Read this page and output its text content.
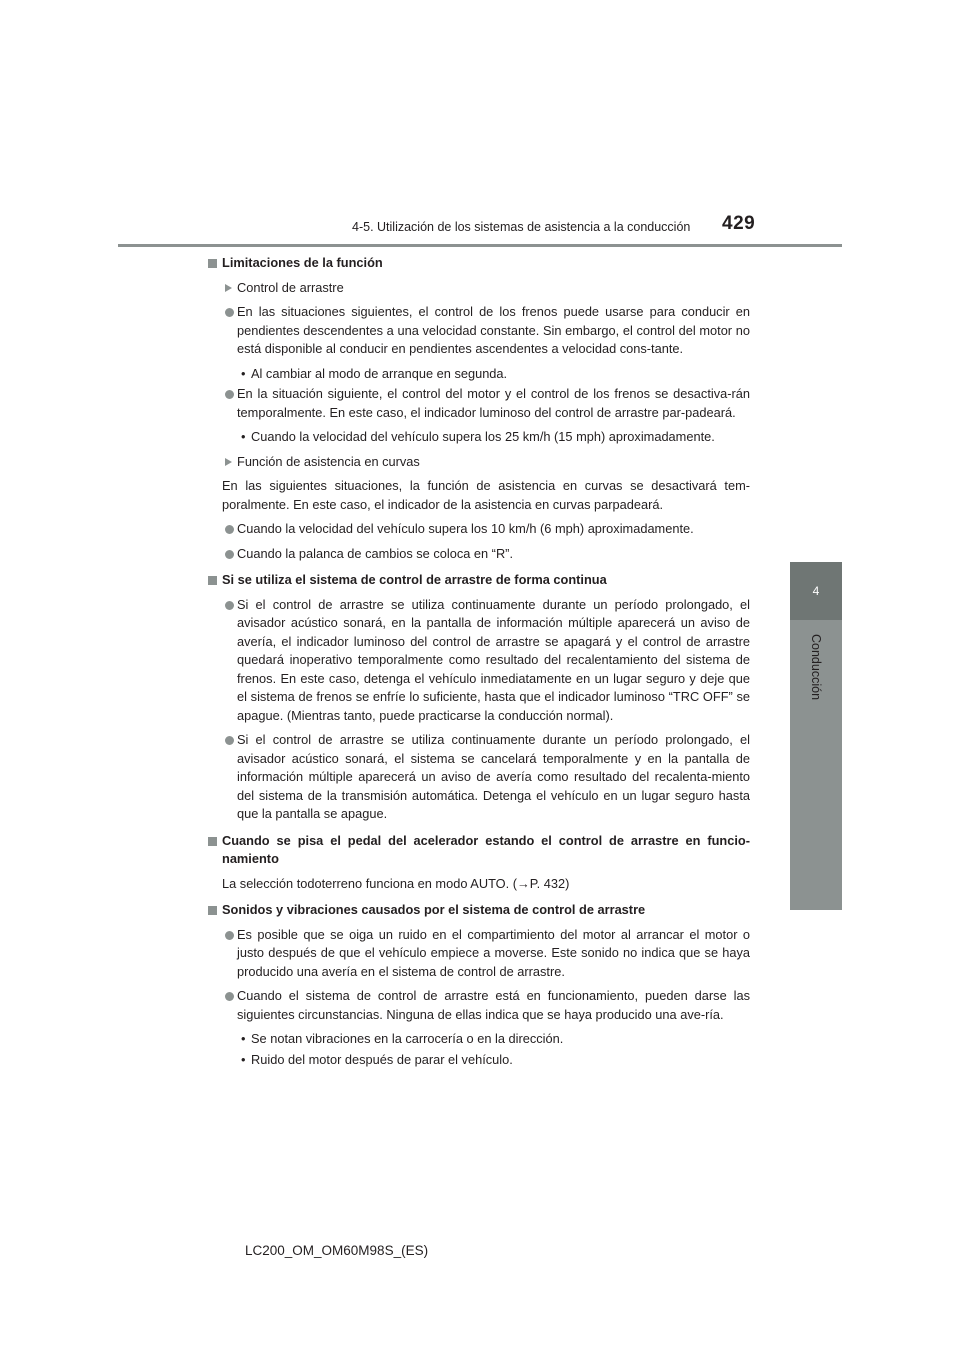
4-5. Utilización de los sistemas de asistencia a la conducción 429
4
Conducción
Limitaciones de la función
Control de arrastre
En las situaciones siguientes, el control de los frenos puede usarse para conducir en pendientes descendentes a una velocidad constante. Sin embargo, el control del motor no está disponible al conducir en pendientes ascendentes a velocidad cons-tante.
• Al cambiar al modo de arranque en segunda.
En la situación siguiente, el control del motor y el control de los frenos se desactiva-rán temporalmente. En este caso, el indicador luminoso del control de arrastre par-padeará.
• Cuando la velocidad del vehículo supera los 25 km/h (15 mph) aproximadamente.
Función de asistencia en curvas
En las siguientes situaciones, la función de asistencia en curvas se desactivará tem-poralmente. En este caso, el indicador de la asistencia en curvas parpadeará.
Cuando la velocidad del vehículo supera los 10 km/h (6 mph) aproximadamente.
Cuando la palanca de cambios se coloca en “R”.
Si se utiliza el sistema de control de arrastre de forma continua
Si el control de arrastre se utiliza continuamente durante un período prolongado, el avisador acústico sonará, en la pantalla de información múltiple aparecerá un aviso de avería, el indicador luminoso del control de arrastre se apagará y el control de arrastre quedará inoperativo temporalmente como resultado del recalentamiento del sistema de frenos. En este caso, detenga el vehículo inmediatamente en un lugar seguro y deje que el sistema de frenos se enfríe lo suficiente, hasta que el indicador luminoso “TRC OFF” se apague. (Mientras tanto, puede practicarse la conducción normal).
Si el control de arrastre se utiliza continuamente durante un período prolongado, el avisador acústico sonará, el sistema se cancelará temporalmente y en la pantalla de información múltiple aparecerá un aviso de avería como resultado del recalenta-miento del sistema de la transmisión automática. Detenga el vehículo en un lugar seguro hasta que la pantalla se apague.
Cuando se pisa el pedal del acelerador estando el control de arrastre en funcio-namiento
La selección todoterreno funciona en modo AUTO. (→P. 432)
Sonidos y vibraciones causados por el sistema de control de arrastre
Es posible que se oiga un ruido en el compartimiento del motor al arrancar el motor o justo después de que el vehículo empiece a moverse. Este sonido no indica que se haya producido una avería en el sistema de control de arrastre.
Cuando el sistema de control de arrastre está en funcionamiento, pueden darse las siguientes circunstancias. Ninguna de ellas indica que se haya producido una ave-ría.
• Se notan vibraciones en la carrocería o en la dirección.
• Ruido del motor después de parar el vehículo.
LC200_OM_OM60M98S_(ES)
